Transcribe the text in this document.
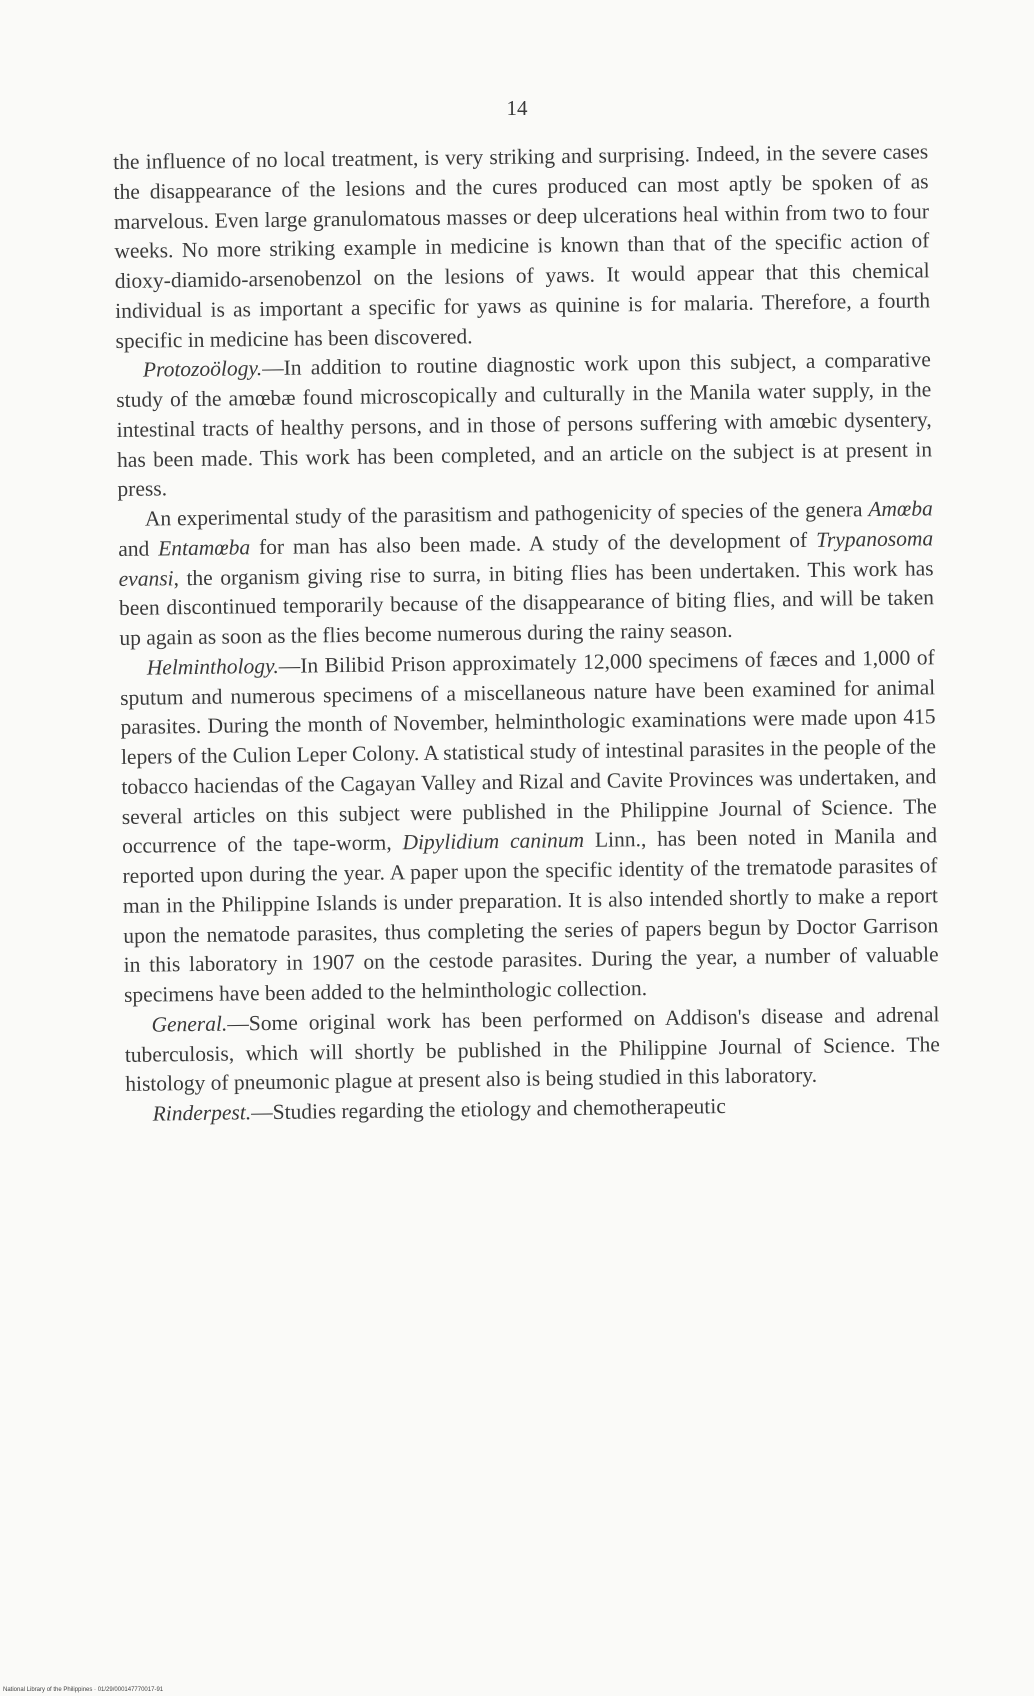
14

the influence of no local treatment, is very striking and surprising. Indeed, in the severe cases the disappearance of the lesions and the cures produced can most aptly be spoken of as marvelous. Even large granulomatous masses or deep ulcerations heal within from two to four weeks. No more striking example in medicine is known than that of the specific action of dioxy-diamido-arsenobenzol on the lesions of yaws. It would appear that this chemical individual is as important a specific for yaws as quinine is for malaria. Therefore, a fourth specific in medicine has been discovered.

Protozoölogy.—In addition to routine diagnostic work upon this subject, a comparative study of the amœbæ found microscopically and culturally in the Manila water supply, in the intestinal tracts of healthy persons, and in those of persons suffering with amœbic dysentery, has been made. This work has been completed, and an article on the subject is at present in press.

An experimental study of the parasitism and pathogenicity of species of the genera Amœba and Entamœba for man has also been made. A study of the development of Trypanosoma evansi, the organism giving rise to surra, in biting flies has been undertaken. This work has been discontinued temporarily because of the disappearance of biting flies, and will be taken up again as soon as the flies become numerous during the rainy season.

Helminthology.—In Bilibid Prison approximately 12,000 specimens of fæces and 1,000 of sputum and numerous specimens of a miscellaneous nature have been examined for animal parasites. During the month of November, helminthologic examinations were made upon 415 lepers of the Culion Leper Colony. A statistical study of intestinal parasites in the people of the tobacco haciendas of the Cagayan Valley and Rizal and Cavite Provinces was undertaken, and several articles on this subject were published in the Philippine Journal of Science. The occurrence of the tape-worm, Dipylidium caninum Linn., has been noted in Manila and reported upon during the year. A paper upon the specific identity of the trematode parasites of man in the Philippine Islands is under preparation. It is also intended shortly to make a report upon the nematode parasites, thus completing the series of papers begun by Doctor Garrison in this laboratory in 1907 on the cestode parasites. During the year, a number of valuable specimens have been added to the helminthologic collection.

General.—Some original work has been performed on Addison's disease and adrenal tuberculosis, which will shortly be published in the Philippine Journal of Science. The histology of pneumonic plague at present also is being studied in this laboratory.

Rinderpest.—Studies regarding the etiology and chemotherapeutic

National Library of the Philippines · 01/29/000147770017-91
